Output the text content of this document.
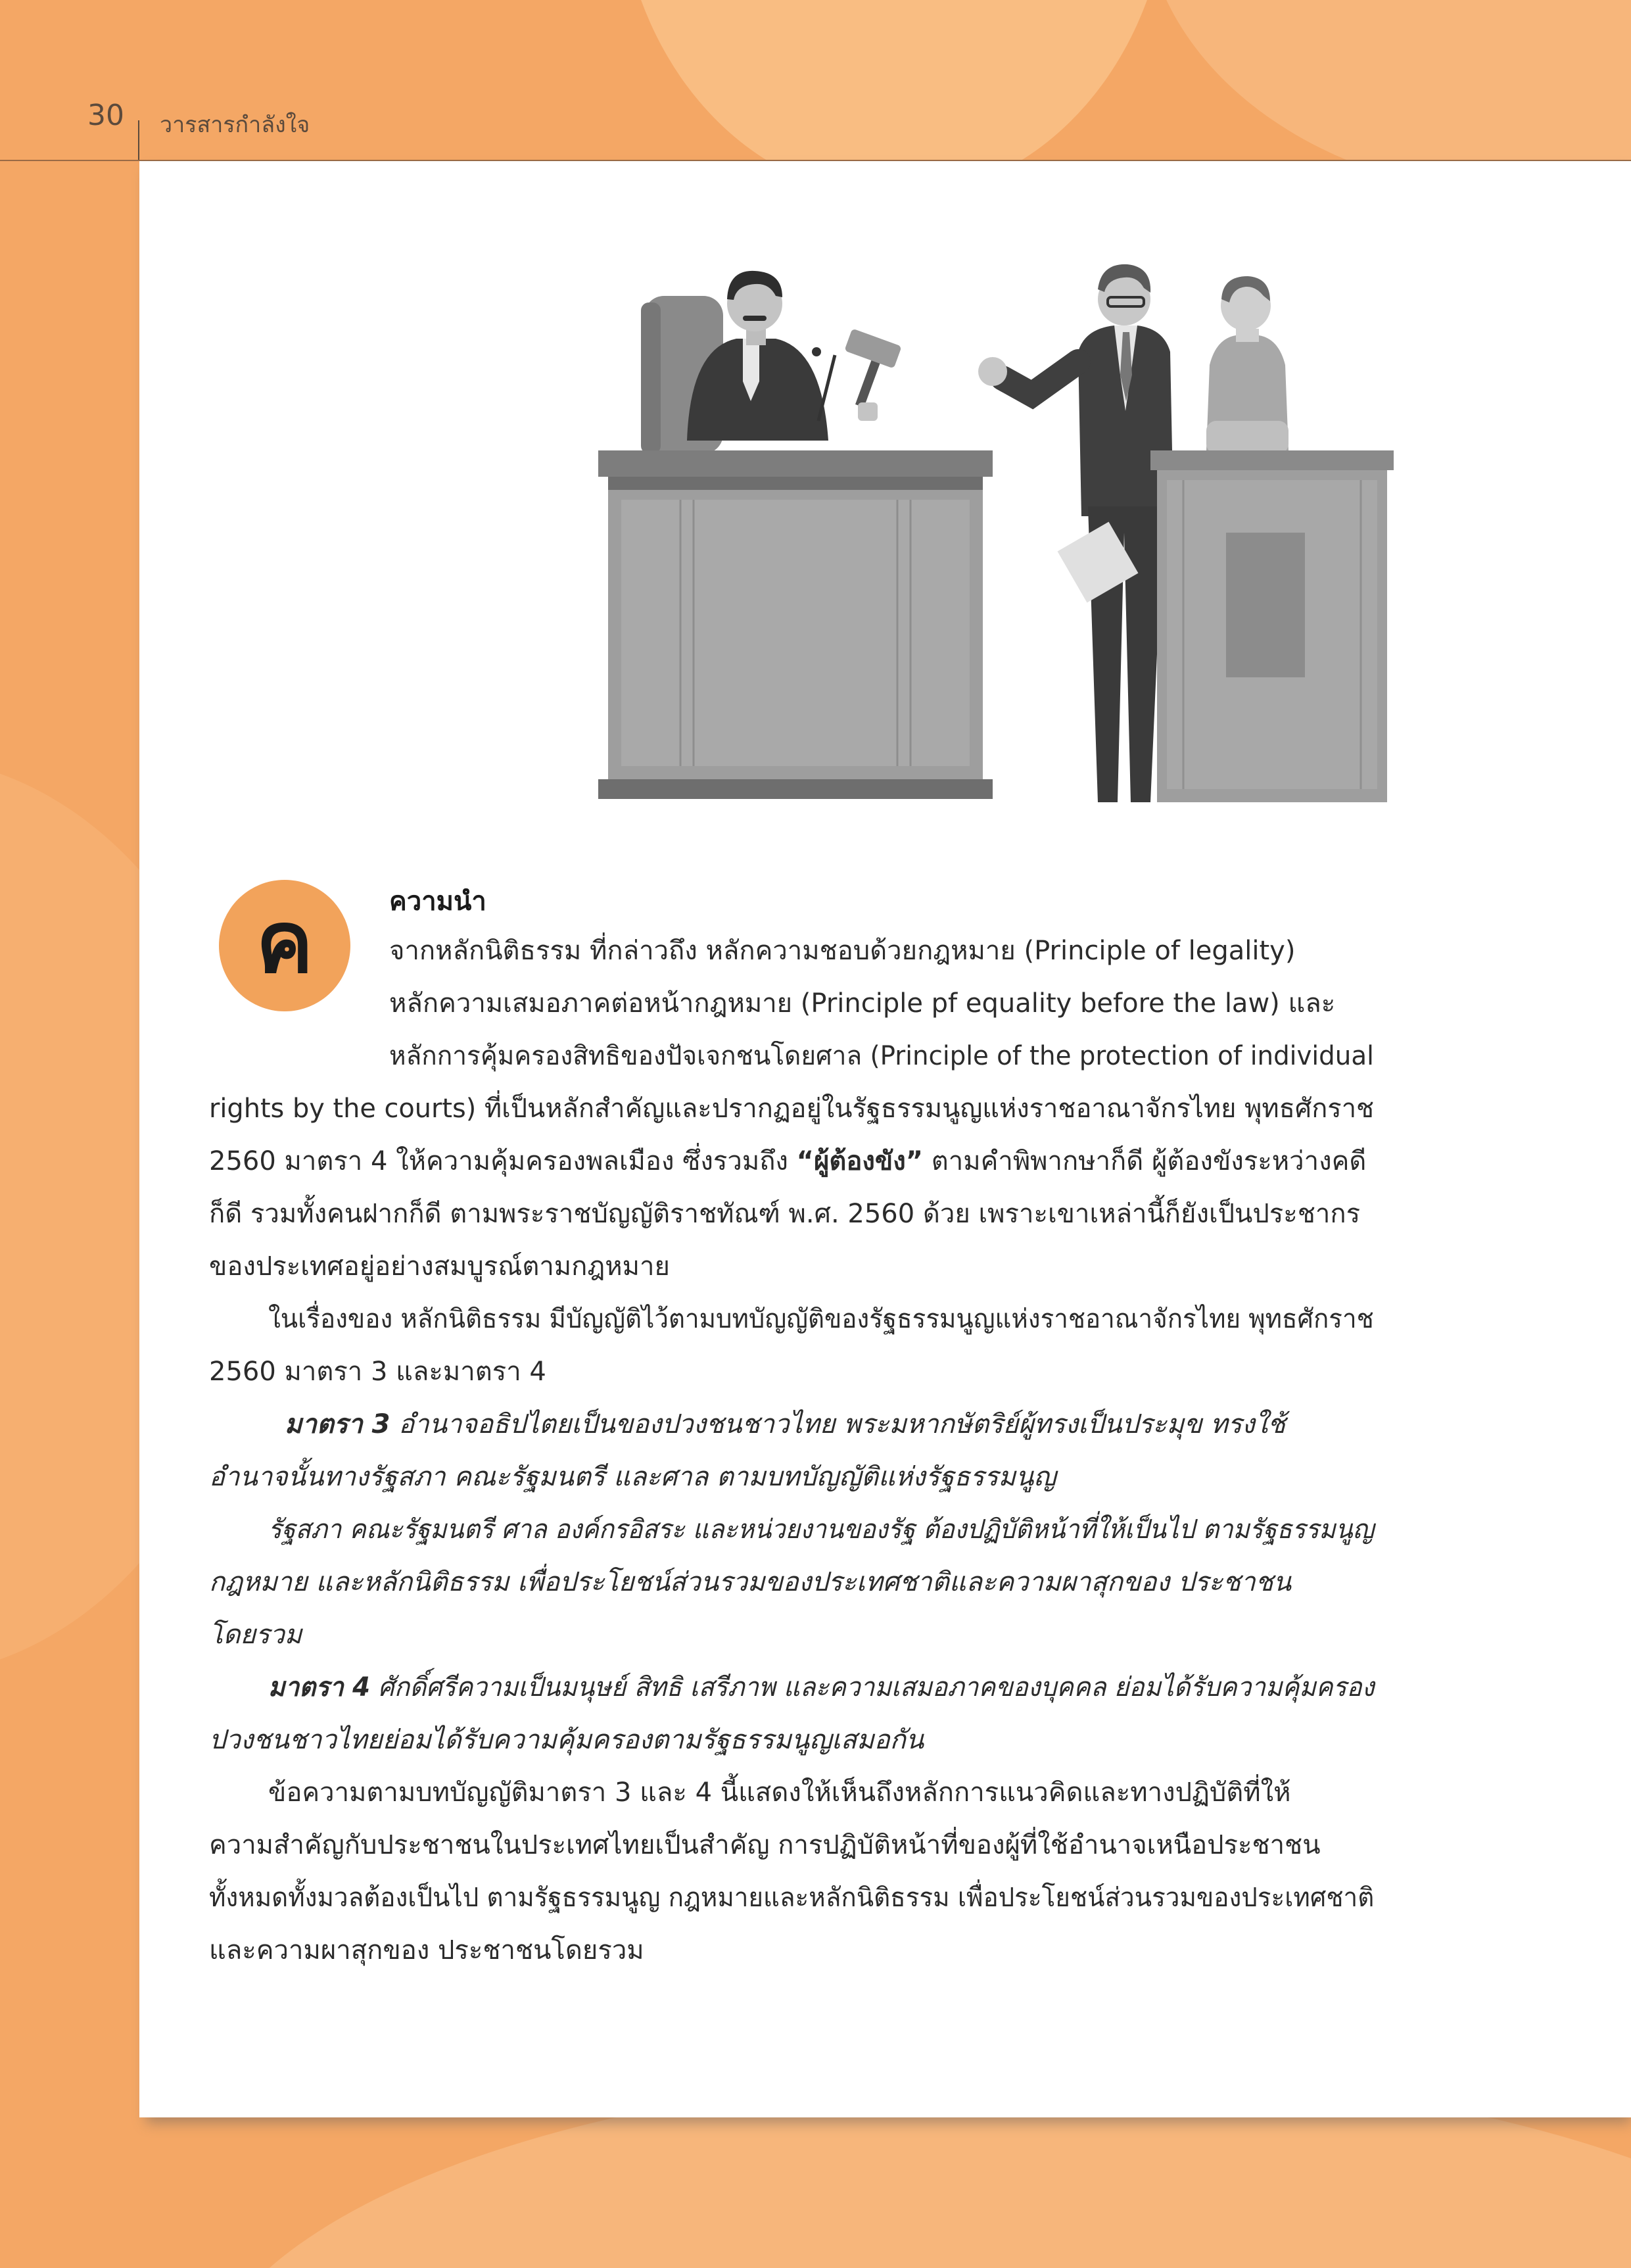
30 วารสารกำลังใจ
ค	ความนำ
จากหลักนิติธรรม ที่กล่าวถึง หลักความชอบด้วยกฎหมาย (Principle of legality)
หลักความเสมอภาคต่อหน้ากฎหมาย (Principle pf equality before the law) และ
หลักการคุ้มครองสิทธิของปัจเจกชนโดยศาล (Principle of the protection of individual
rights by the courts) ที่เป็นหลักสำคัญและปรากฏอยู่ในรัฐธรรมนูญแห่งราชอาณาจักรไทย พุทธศักราช
2560 มาตรา 4 ให้ความคุ้มครองพลเมือง ซึ่งรวมถึง “ผู้ต้องขัง” ตามคำพิพากษาก็ดี ผู้ต้องขังระหว่างคดี
ก็ดี รวมทั้งคนฝากก็ดี ตามพระราชบัญญัติราชทัณฑ์ พ.ศ. 2560 ด้วย เพราะเขาเหล่านี้ก็ยังเป็นประชากร
ของประเทศอยู่อย่างสมบูรณ์ตามกฎหมาย
ในเรื่องของ หลักนิติธรรม มีบัญญัติไว้ตามบทบัญญัติของรัฐธรรมนูญแห่งราชอาณาจักรไทย พุทธศักราช
2560 มาตรา 3 และมาตรา 4
มาตรา 3 อำนาจอธิปไตยเป็นของปวงชนชาวไทย พระมหากษัตริย์ผู้ทรงเป็นประมุข ทรงใช้
อำนาจนั้นทางรัฐสภา คณะรัฐมนตรี และศาล ตามบทบัญญัติแห่งรัฐธรรมนูญ
รัฐสภา คณะรัฐมนตรี ศาล องค์กรอิสระ และหน่วยงานของรัฐ ต้องปฏิบัติหน้าที่ให้เป็นไป ตามรัฐธรรมนูญ
กฎหมาย และหลักนิติธรรม เพื่อประโยชน์ส่วนรวมของประเทศชาติและความผาสุกของ ประชาชน
โดยรวม
มาตรา 4 ศักดิ์ศรีความเป็นมนุษย์ สิทธิ เสรีภาพ และความเสมอภาคของบุคคล ย่อมได้รับความคุ้มครอง
ปวงชนชาวไทยย่อมได้รับความคุ้มครองตามรัฐธรรมนูญเสมอกัน
ข้อความตามบทบัญญัติมาตรา 3 และ 4 นี้แสดงให้เห็นถึงหลักการแนวคิดและทางปฏิบัติที่ให้
ความสำคัญกับประชาชนในประเทศไทยเป็นสำคัญ การปฏิบัติหน้าที่ของผู้ที่ใช้อำนาจเหนือประชาชน
ทั้งหมดทั้งมวลต้องเป็นไป ตามรัฐธรรมนูญ กฎหมายและหลักนิติธรรม เพื่อประโยชน์ส่วนรวมของประเทศชาติ
และความผาสุกของ ประชาชนโดยรวม
